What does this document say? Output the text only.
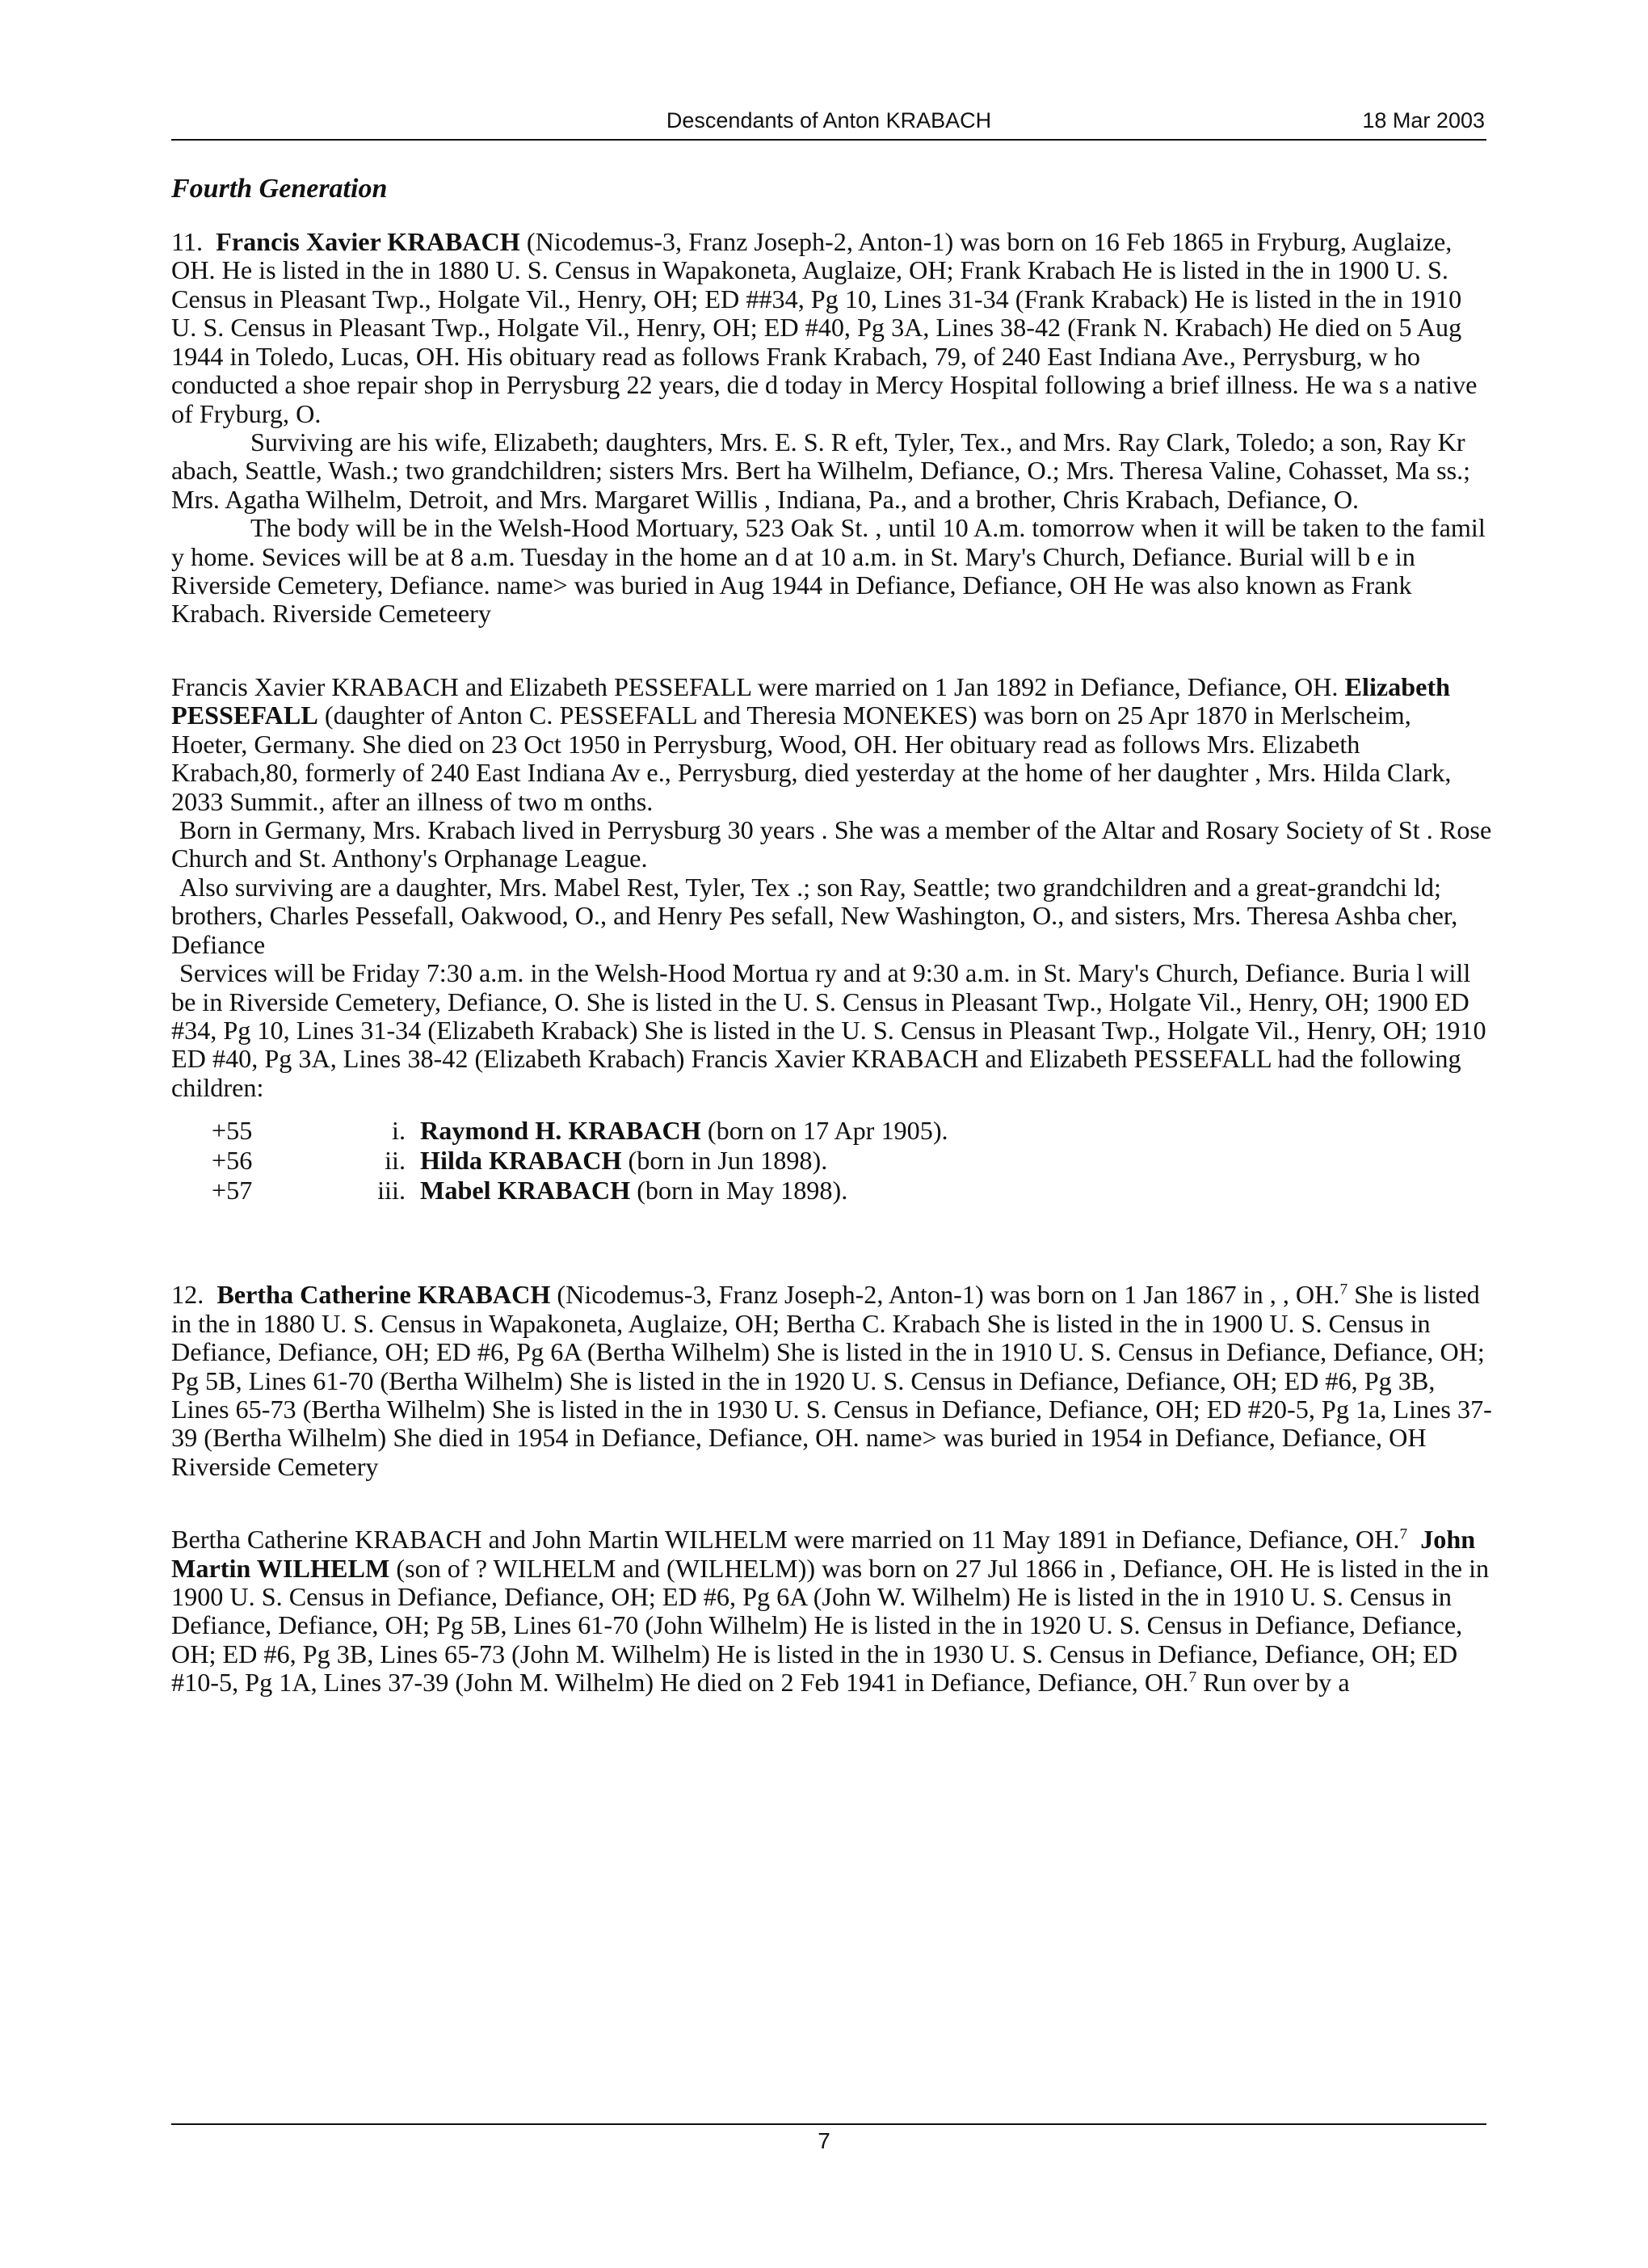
Descendants of Anton KRABACH	18 Mar 2003
Fourth Generation

11. Francis Xavier KRABACH (Nicodemus-3, Franz Joseph-2, Anton-1) was born on 16 Feb 1865 in Fryburg, Auglaize, OH. He is listed in the in 1880 U. S. Census in Wapakoneta, Auglaize, OH; Frank Krabach He is listed in the in 1900 U. S. Census in Pleasant Twp., Holgate Vil., Henry, OH; ED ##34, Pg 10, Lines 31-34 (Frank Kraback) He is listed in the in 1910 U. S. Census in Pleasant Twp., Holgate Vil., Henry, OH; ED #40, Pg 3A, Lines 38-42 (Frank N. Krabach) He died on 5 Aug 1944 in Toledo, Lucas, OH. His obituary read as follows Frank Krabach, 79, of 240 East Indiana Ave., Perrysburg, w ho conducted a shoe repair shop in Perrysburg 22 years, die d today in Mercy Hospital following a brief illness. He wa s a native of Fryburg, O.

Surviving are his wife, Elizabeth; daughters, Mrs. E. S. R eft, Tyler, Tex., and Mrs. Ray Clark, Toledo; a son, Ray Kr abach, Seattle, Wash.; two grandchildren; sisters Mrs. Bert ha Wilhelm, Defiance, O.; Mrs. Theresa Valine, Cohasset, Ma ss.; Mrs. Agatha Wilhelm, Detroit, and Mrs. Margaret Willis , Indiana, Pa., and a brother, Chris Krabach, Defiance, O.

The body will be in the Welsh-Hood Mortuary, 523 Oak St. , until 10 A.m. tomorrow when it will be taken to the famil y home. Sevices will be at 8 a.m. Tuesday in the home an d at 10 a.m. in St. Mary's Church, Defiance. Burial will b e in Riverside Cemetery, Defiance. name> was buried in Aug 1944 in Defiance, Defiance, OH He was also known as Frank Krabach. Riverside Cemeteery

Francis Xavier KRABACH and Elizabeth PESSEFALL were married on 1 Jan 1892 in Defiance, Defiance, OH. Elizabeth PESSEFALL (daughter of Anton C. PESSEFALL and Theresia MONEKES) was born on 25 Apr 1870 in Merlscheim, Hoeter, Germany. She died on 23 Oct 1950 in Perrysburg, Wood, OH. Her obituary read as follows Mrs. Elizabeth Krabach,80, formerly of 240 East Indiana Av e., Perrysburg, died yesterday at the home of her daughter , Mrs. Hilda Clark, 2033 Summit., after an illness of two m onths.

Born in Germany, Mrs. Krabach lived in Perrysburg 30 years . She was a member of the Altar and Rosary Society of St . Rose Church and St. Anthony's Orphanage League.

Also surviving are a daughter, Mrs. Mabel Rest, Tyler, Tex .; son Ray, Seattle; two grandchildren and a great-grandchi ld; brothers, Charles Pessefall, Oakwood, O., and Henry Pes sefall, New Washington, O., and sisters, Mrs. Theresa Ashba cher, Defiance

Services will be Friday 7:30 a.m. in the Welsh-Hood Mortua ry and at 9:30 a.m. in St. Mary's Church, Defiance. Buria l will be in Riverside Cemetery, Defiance, O. She is listed in the U. S. Census in Pleasant Twp., Holgate Vil., Henry, OH; 1900 ED #34, Pg 10, Lines 31-34 (Elizabeth Kraback) She is listed in the U. S. Census in Pleasant Twp., Holgate Vil., Henry, OH; 1910 ED #40, Pg 3A, Lines 38-42 (Elizabeth Krabach) Francis Xavier KRABACH and Elizabeth PESSEFALL had the following children:

+55	i. Raymond H. KRABACH (born on 17 Apr 1905).
+56	ii. Hilda KRABACH (born in Jun 1898).
+57	iii. Mabel KRABACH (born in May 1898).

12. Bertha Catherine KRABACH (Nicodemus-3, Franz Joseph-2, Anton-1) was born on 1 Jan 1867 in , , OH.$^7$ She is listed in the in 1880 U. S. Census in Wapakoneta, Auglaize, OH; Bertha C. Krabach She is listed in the in 1900 U. S. Census in Defiance, Defiance, OH; ED #6, Pg 6A (Bertha Wilhelm) She is listed in the in 1910 U. S. Census in Defiance, Defiance, OH; Pg 5B, Lines 61-70 (Bertha Wilhelm) She is listed in the in 1920 U. S. Census in Defiance, Defiance, OH; ED #6, Pg 3B, Lines 65-73 (Bertha Wilhelm) She is listed in the in 1930 U. S. Census in Defiance, Defiance, OH; ED #20-5, Pg 1a, Lines 37-39 (Bertha Wilhelm) She died in 1954 in Defiance, Defiance, OH. name> was buried in 1954 in Defiance, Defiance, OH Riverside Cemetery

Bertha Catherine KRABACH and John Martin WILHELM were married on 11 May 1891 in Defiance, Defiance, OH.$^7$ John Martin WILHELM (son of ? WILHELM and (WILHELM)) was born on 27 Jul 1866 in , Defiance, OH. He is listed in the in 1900 U. S. Census in Defiance, Defiance, OH; ED #6, Pg 6A (John W. Wilhelm) He is listed in the in 1910 U. S. Census in Defiance, Defiance, OH; Pg 5B, Lines 61-70 (John Wilhelm) He is listed in the in 1920 U. S. Census in Defiance, Defiance, OH; ED #6, Pg 3B, Lines 65-73 (John M. Wilhelm) He is listed in the in 1930 U. S. Census in Defiance, Defiance, OH; ED #10-5, Pg 1A, Lines 37-39 (John M. Wilhelm) He died on 2 Feb 1941 in Defiance, Defiance, OH.$^7$ Run over by a

7
